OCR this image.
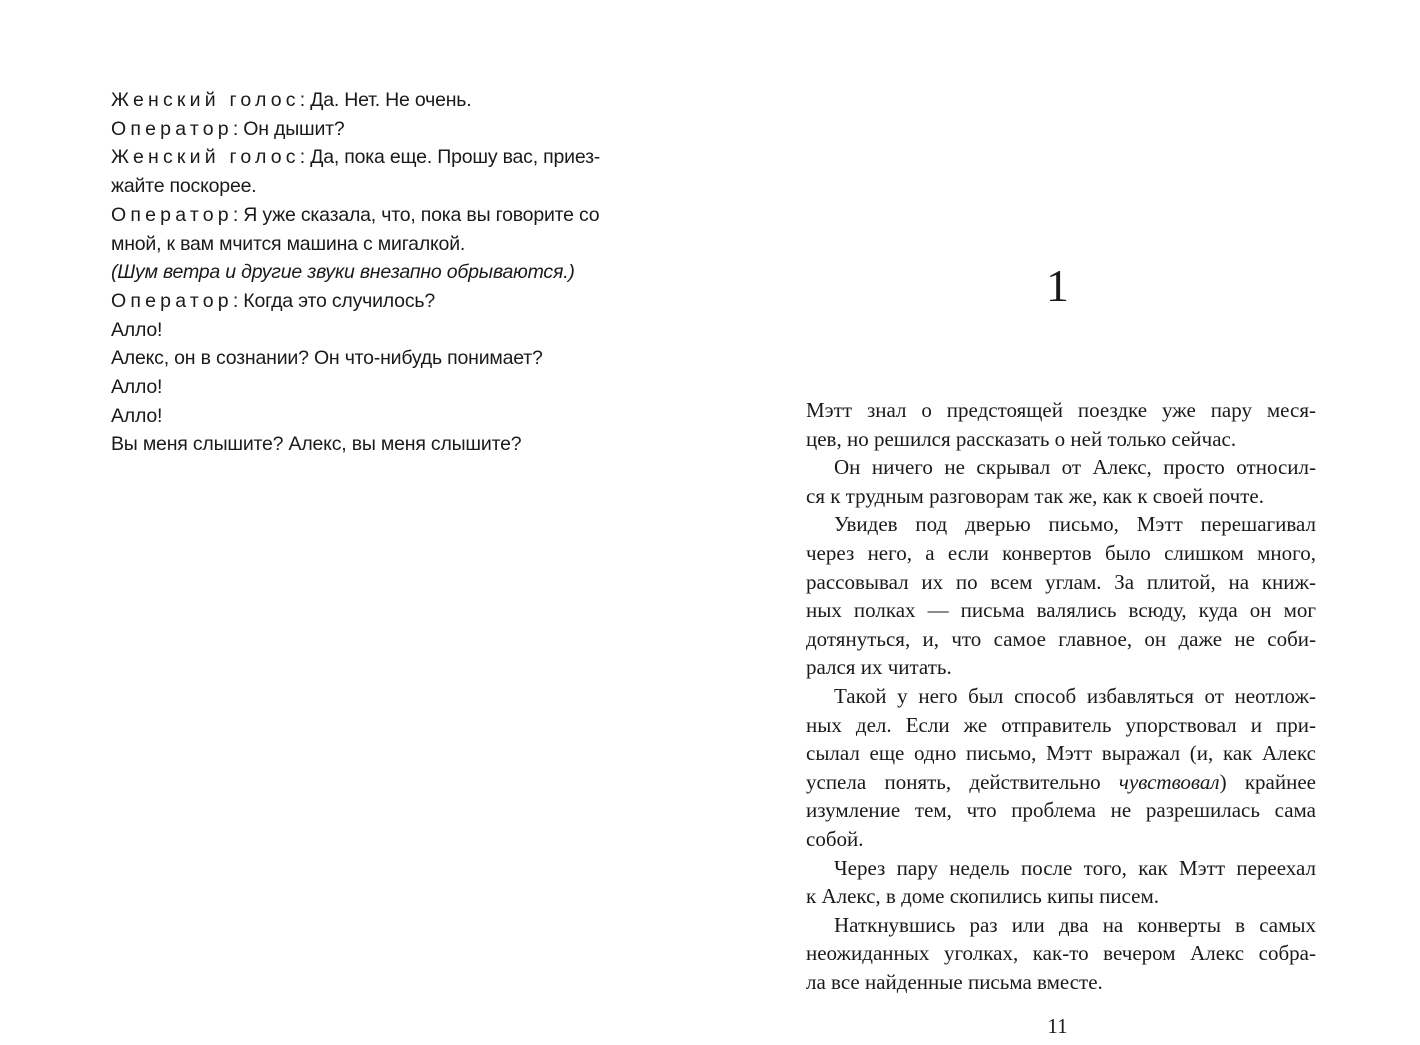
Женский голос: Да. Нет. Не очень.

Оператор: Он дышит?

Женский голос: Да, пока еще. Прошу вас, приез-

жайте поскорее.

Оператор: Я уже сказала, что, пока вы говорите со

мной, к вам мчится машина с мигалкой.

(Шум ветра и другие звуки внезапно обрываются.)

Оператор: Когда это случилось?

Алло!

Алекс, он в сознании? Он что-нибудь понимает?

Алло!

Алло!

Вы меня слышите? Алекс, вы меня слышите?

1

Мэтт знал о предстоящей поездке уже пару меся-

цев, но решился рассказать о ней только сейчас.

Он ничего не скрывал от Алекс, просто относил-

ся к трудным разговорам так же, как к своей почте.

Увидев под дверью письмо, Мэтт перешагивал

через него, а если конвертов было слишком много,

рассовывал их по всем углам. За плитой, на книж-

ных полках — письма валялись всюду, куда он мог

дотянуться, и, что самое главное, он даже не соби-

рался их читать.

Такой у него был способ избавляться от неотлож-

ных дел. Если же отправитель упорствовал и при-

сылал еще одно письмо, Мэтт выражал (и, как Алекс

успела понять, действительно чувствовал) крайнее

изумление тем, что проблема не разрешилась сама

собой.

Через пару недель после того, как Мэтт переехал

к Алекс, в доме скопились кипы писем.

Наткнувшись раз или два на конверты в самых

неожиданных уголках, как-то вечером Алекс собра-

ла все найденные письма вместе.

11
